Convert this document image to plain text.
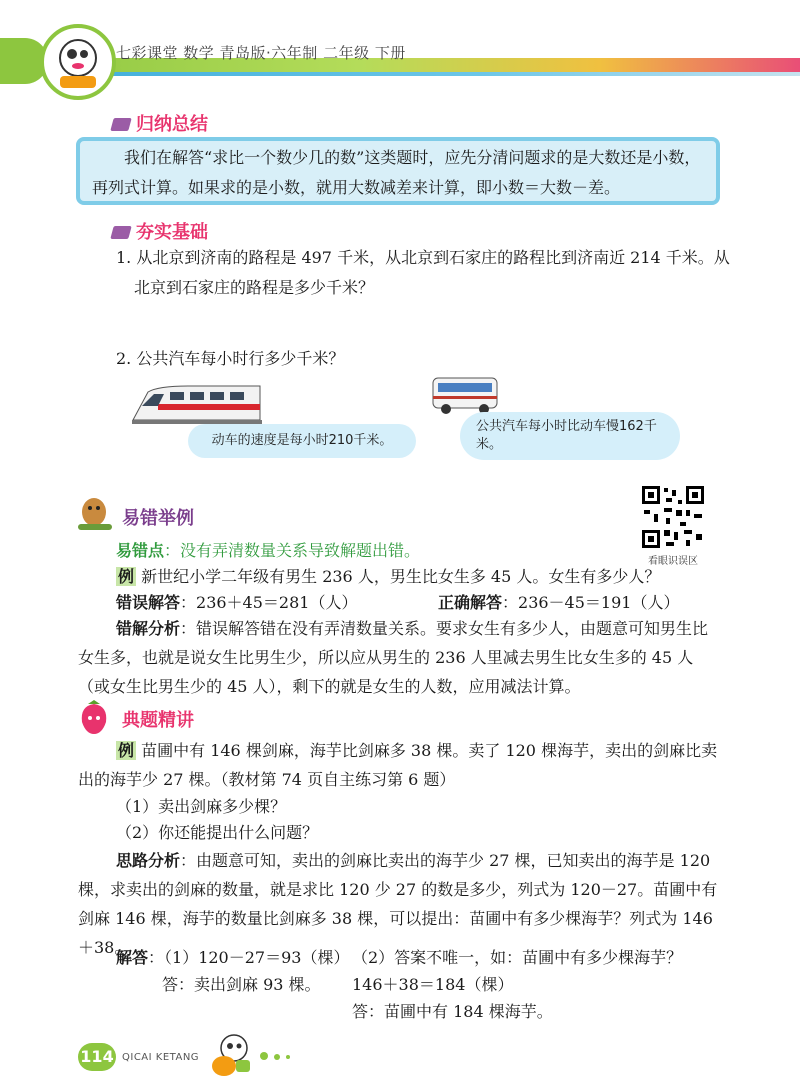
七彩课堂 数学 青岛版·六年制 二年级 下册
归纳总结
我们在解答“求比一个数少几的数”这类题时，应先分清问题求的是大数还是小数，再列式计算。如果求的是小数，就用大数减差来计算，即小数＝大数－差。
夯实基础
1. 从北京到济南的路程是 497 千米，从北京到石家庄的路程比到济南近 214 千米。从北京到石家庄的路程是多少千米？
2. 公共汽车每小时行多少千米？
动车的速度是每小时210千米。
公共汽车每小时比动车慢162千米。
易错举例
看眼识误区
易错点：没有弄清数量关系导致解题出错。
例 新世纪小学二年级有男生 236 人，男生比女生多 45 人。女生有多少人？
错误解答：236＋45＝281（人）	正确解答：236－45＝191（人）
错解分析：错误解答错在没有弄清数量关系。要求女生有多少人，由题意可知男生比女生多，也就是说女生比男生少，所以应从男生的 236 人里减去男生比女生多的 45 人（或女生比男生少的 45 人），剩下的就是女生的人数，应用减法计算。
典题精讲
例 苗圃中有 146 棵剑麻，海芋比剑麻多 38 棵。卖了 120 棵海芋，卖出的剑麻比卖出的海芋少 27 棵。（教材第 74 页自主练习第 6 题）
（1）卖出剑麻多少棵？
（2）你还能提出什么问题？
思路分析：由题意可知，卖出的剑麻比卖出的海芋少 27 棵，已知卖出的海芋是 120 棵，求卖出的剑麻的数量，就是求比 120 少 27 的数是多少，列式为 120－27。苗圃中有剑麻 146 棵，海芋的数量比剑麻多 38 棵，可以提出：苗圃中有多少棵海芋？列式为 146＋38。
解答：（1）120－27＝93（棵）
答：卖出剑麻 93 棵。
（2）答案不唯一，如：苗圃中有多少棵海芋？
146＋38＝184（棵）
答：苗圃中有 184 棵海芋。
114 QICAI KETANG
